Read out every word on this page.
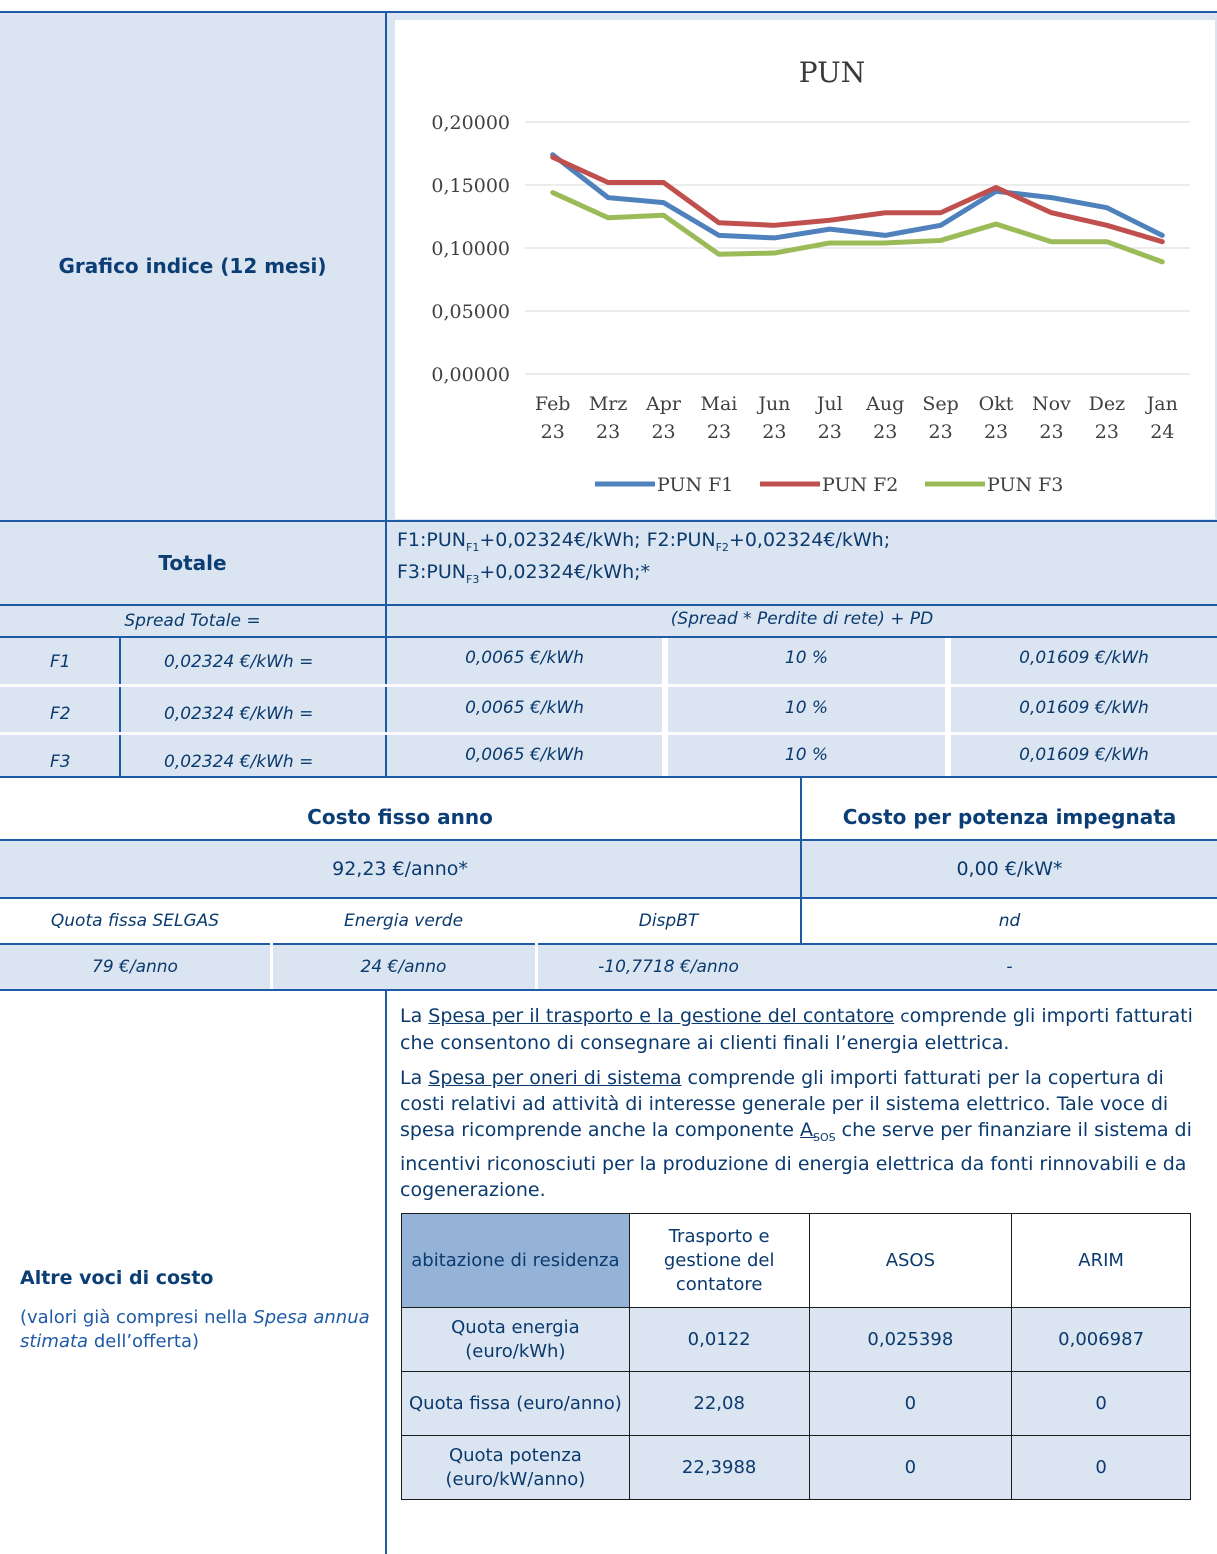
Grafico indice (12 mesi)
PUN
0,20000
0,15000
0,10000
0,05000
0,00000
Feb
23
Mrz
23
Apr
23
Mai
23
Jun
23
Jul
23
Aug
23
Sep
23
Okt
23
Nov
23
Dez
23
Jan
24
PUN F1	PUN F2	PUN F3
Totale
$F1:PUN_{F1}+0,02324€$/kWh; $F2:PUN_{F2}+0,02324€$/kWh;
$F3:PUN_{F3}+0,02324€/kWh;*$
Spread Totale =	(Spread * Perdite di rete) + PD
F1	0,02324 €/kWh =	0,0065 €/kWh	10 %	0,01609 €/kWh
F2	0,02324 €/kWh =	0,0065 €/kWh	10 %	0,01609 €/kWh
F3	0,02324 €/kWh =	0,0065 €/kWh	10 %	0,01609 €/kWh
Costo fisso anno	Costo per potenza impegnata
92,23 €/anno*	0,00 €/kW*
Quota fissa SELGAS	Energia verde	DispBT	nd
79 €/anno	24 €/anno	-10,7718 €/anno	-
Altre voci di costo
(valori già compresi nella Spesa annua stimata dell’offerta)
La Spesa per il trasporto e la gestione del contatore comprende gli importi fatturati che consentono di consegnare ai clienti finali l’energia elettrica.
La Spesa per oneri di sistema comprende gli importi fatturati per la copertura di costi relativi ad attività di interesse generale per il sistema elettrico. Tale voce di spesa ricomprende anche la componente $A_{SOS}$ che serve per finanziare il sistema di incentivi riconosciuti per la produzione di energia elettrica da fonti rinnovabili e da cogenerazione.
abitazione di residenza	Trasporto e gestione del contatore	ASOS	ARIM
Quota energia (euro/kWh)	0,0122	0,025398	0,006987
Quota fissa (euro/anno)	22,08	0	0
Quota potenza (euro/kW/anno)	22,3988	0	0
